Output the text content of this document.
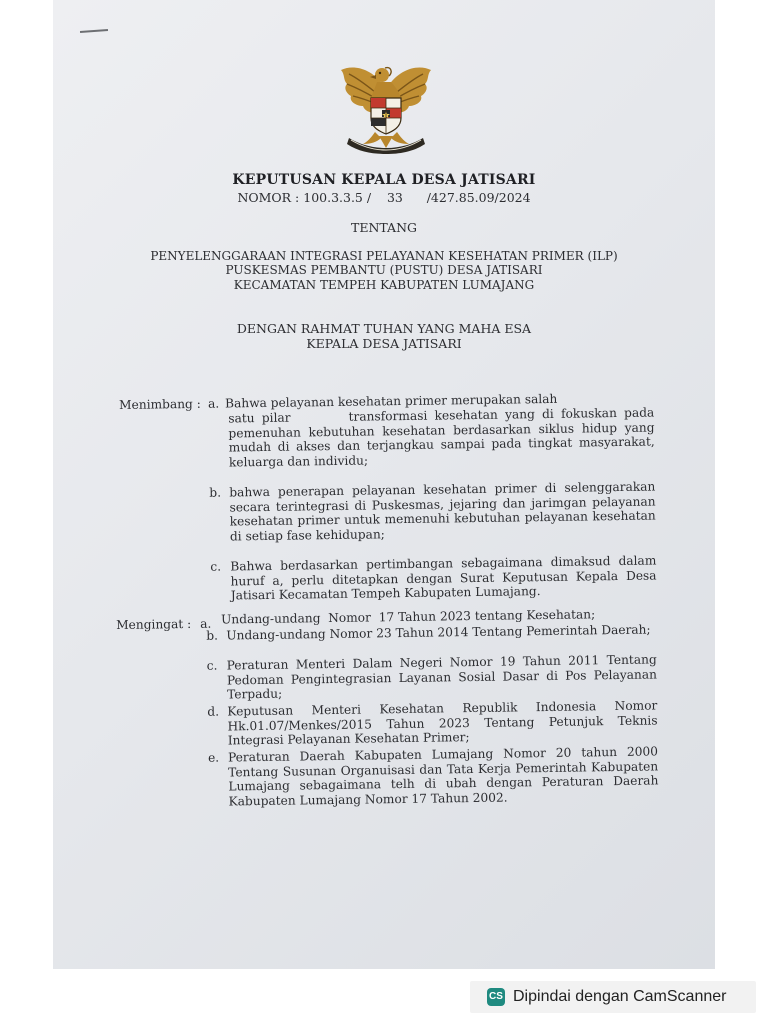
KEPUTUSAN KEPALA DESA JATISARI
NOMOR : 100.3.3.5 /    33      /427.85.09/2024
TENTANG
PENYELENGGARAAN INTEGRASI PELAYANAN KESEHATAN PRIMER (ILP)
PUSKESMAS PEMBANTU (PUSTU) DESA JATISARI
KECAMATAN TEMPEH KABUPATEN LUMAJANG
DENGAN RAHMAT TUHAN YANG MAHA ESA
KEPALA DESA JATISARI
Menimbang : a. Bahwa pelayanan kesehatan primer merupakan salah
satu pilar        transformasi kesehatan yang di fokuskan pada pemenuhan kebutuhan kesehatan berdasarkan siklus hidup yang mudah di akses dan terjangkau sampai pada tingkat masyarakat, keluarga dan individu;
b. bahwa penerapan pelayanan kesehatan primer di selenggarakan secara terintegrasi di Puskesmas, jejaring dan jarimgan pelayanan kesehatan primer untuk memenuhi kebutuhan pelayanan kesehatan di setiap fase kehidupan;
c. Bahwa berdasarkan pertimbangan sebagaimana dimaksud dalam huruf a, perlu ditetapkan dengan Surat Keputusan Kepala Desa Jatisari Kecamatan Tempeh Kabupaten Lumajang.
Mengingat : a. Undang-undang  Nomor  17 Tahun 2023 tentang Kesehatan;
b. Undang-undang Nomor 23 Tahun 2014 Tentang Pemerintah Daerah;
c. Peraturan Menteri Dalam Negeri Nomor 19 Tahun 2011 Tentang Pedoman Pengintegrasian Layanan Sosial Dasar di Pos Pelayanan Terpadu;
d. Keputusan Menteri Kesehatan Republik Indonesia Nomor Hk.01.07/Menkes/2015 Tahun 2023 Tentang Petunjuk Teknis Integrasi Pelayanan Kesehatan Primer;
e. Peraturan Daerah Kabupaten Lumajang Nomor 20 tahun 2000 Tentang Susunan Organuisasi dan Tata Kerja Pemerintah Kabupaten Lumajang sebagaimana telh di ubah dengan Peraturan Daerah Kabupaten Lumajang Nomor 17 Tahun 2002.
CS Dipindai dengan CamScanner
